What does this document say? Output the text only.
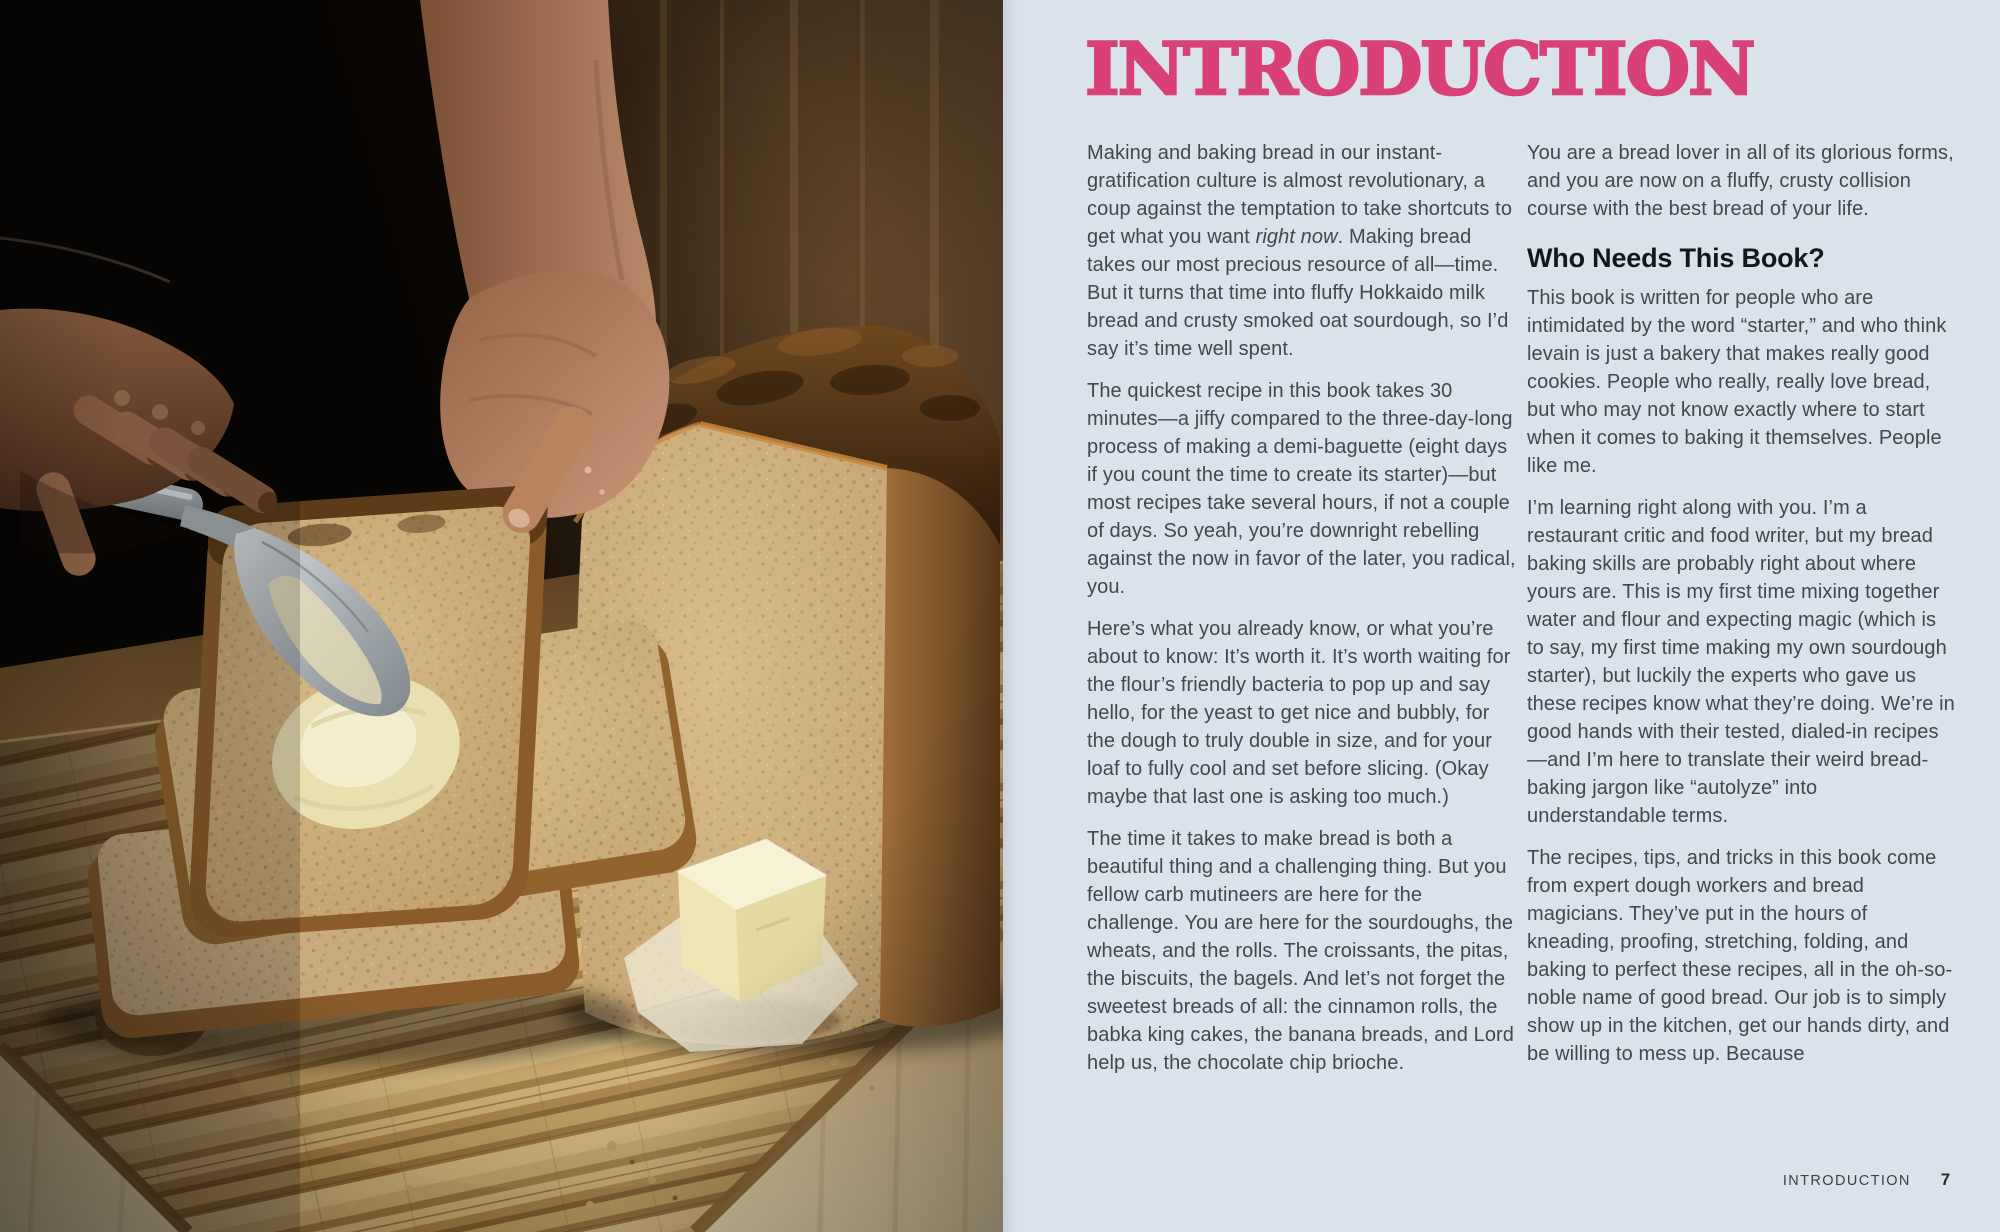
INTRODUCTION

Making and baking bread in our instant-gratification culture is almost revolutionary, a coup against the temptation to take shortcuts to get what you want right now. Making bread takes our most precious resource of all—time. But it turns that time into fluffy Hokkaido milk bread and crusty smoked oat sourdough, so I’d say it’s time well spent.

The quickest recipe in this book takes 30 minutes—a jiffy compared to the three-day-long process of making a demi-baguette (eight days if you count the time to create its starter)—but most recipes take several hours, if not a couple of days. So yeah, you’re downright rebelling against the now in favor of the later, you radical, you.

Here’s what you already know, or what you’re about to know: It’s worth it. It’s worth waiting for the flour’s friendly bacteria to pop up and say hello, for the yeast to get nice and bubbly, for the dough to truly double in size, and for your loaf to fully cool and set before slicing. (Okay maybe that last one is asking too much.)

The time it takes to make bread is both a beautiful thing and a challenging thing. But you fellow carb mutineers are here for the challenge. You are here for the sourdoughs, the wheats, and the rolls. The croissants, the pitas, the biscuits, the bagels. And let’s not forget the sweetest breads of all: the cinnamon rolls, the babka king cakes, the banana breads, and Lord help us, the chocolate chip brioche.

You are a bread lover in all of its glorious forms, and you are now on a fluffy, crusty collision course with the best bread of your life.

Who Needs This Book?

This book is written for people who are intimidated by the word “starter,” and who think levain is just a bakery that makes really good cookies. People who really, really love bread, but who may not know exactly where to start when it comes to baking it themselves. People like me.

I’m learning right along with you. I’m a restaurant critic and food writer, but my bread baking skills are probably right about where yours are. This is my first time mixing together water and flour and expecting magic (which is to say, my first time making my own sourdough starter), but luckily the experts who gave us these recipes know what they’re doing. We’re in good hands with their tested, dialed-in recipes—and I’m here to translate their weird bread-baking jargon like “autolyze” into understandable terms.

The recipes, tips, and tricks in this book come from expert dough workers and bread magicians. They’ve put in the hours of kneading, proofing, stretching, folding, and baking to perfect these recipes, all in the oh-so-noble name of good bread. Our job is to simply show up in the kitchen, get our hands dirty, and be willing to mess up. Because

INTRODUCTION 7
